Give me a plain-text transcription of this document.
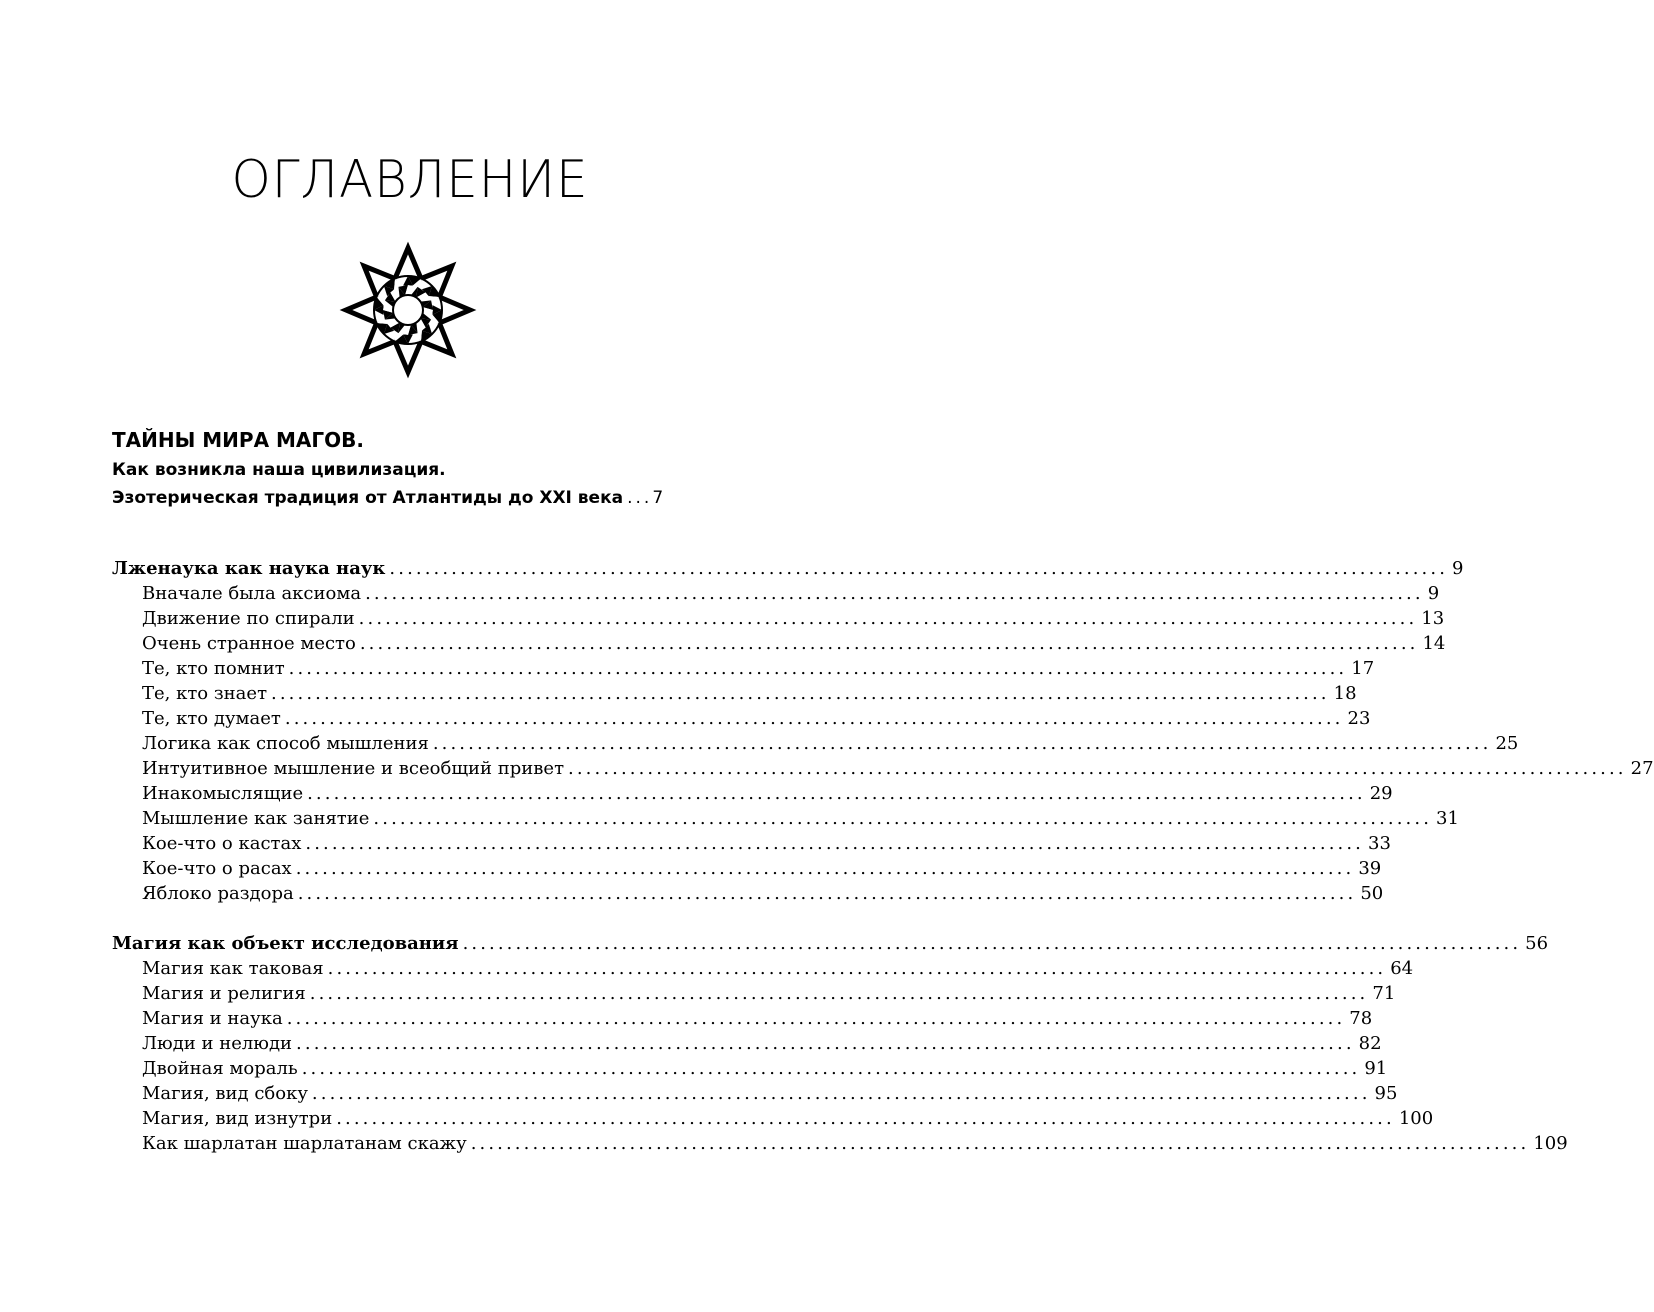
ОГЛАВЛЕНИЕ
ТАЙНЫ МИРА МАГОВ.
Как возникла наша цивилизация.
Эзотерическая традиция от Атлантиды до XXI века ... 7
Лженаука как наука наук ........................................................................................................................ 9
Вначале была аксиома ........................................................................................................................ 9
Движение по спирали ........................................................................................................................ 13
Очень странное место ........................................................................................................................ 14
Те, кто помнит ........................................................................................................................ 17
Те, кто знает ........................................................................................................................ 18
Те, кто думает ........................................................................................................................ 23
Логика как способ мышления ........................................................................................................................ 25
Интуитивное мышление и всеобщий привет ........................................................................................................................ 27
Инакомыслящие ........................................................................................................................ 29
Мышление как занятие ........................................................................................................................ 31
Кое-что о кастах ........................................................................................................................ 33
Кое-что о расах ........................................................................................................................ 39
Яблоко раздора ........................................................................................................................ 50
Магия как объект исследования ........................................................................................................................ 56
Магия как таковая ........................................................................................................................ 64
Магия и религия ........................................................................................................................ 71
Магия и наука ........................................................................................................................ 78
Люди и нелюди ........................................................................................................................ 82
Двойная мораль ........................................................................................................................ 91
Магия, вид сбоку ........................................................................................................................ 95
Магия, вид изнутри ........................................................................................................................ 100
Как шарлатан шарлатанам скажу ........................................................................................................................ 109
